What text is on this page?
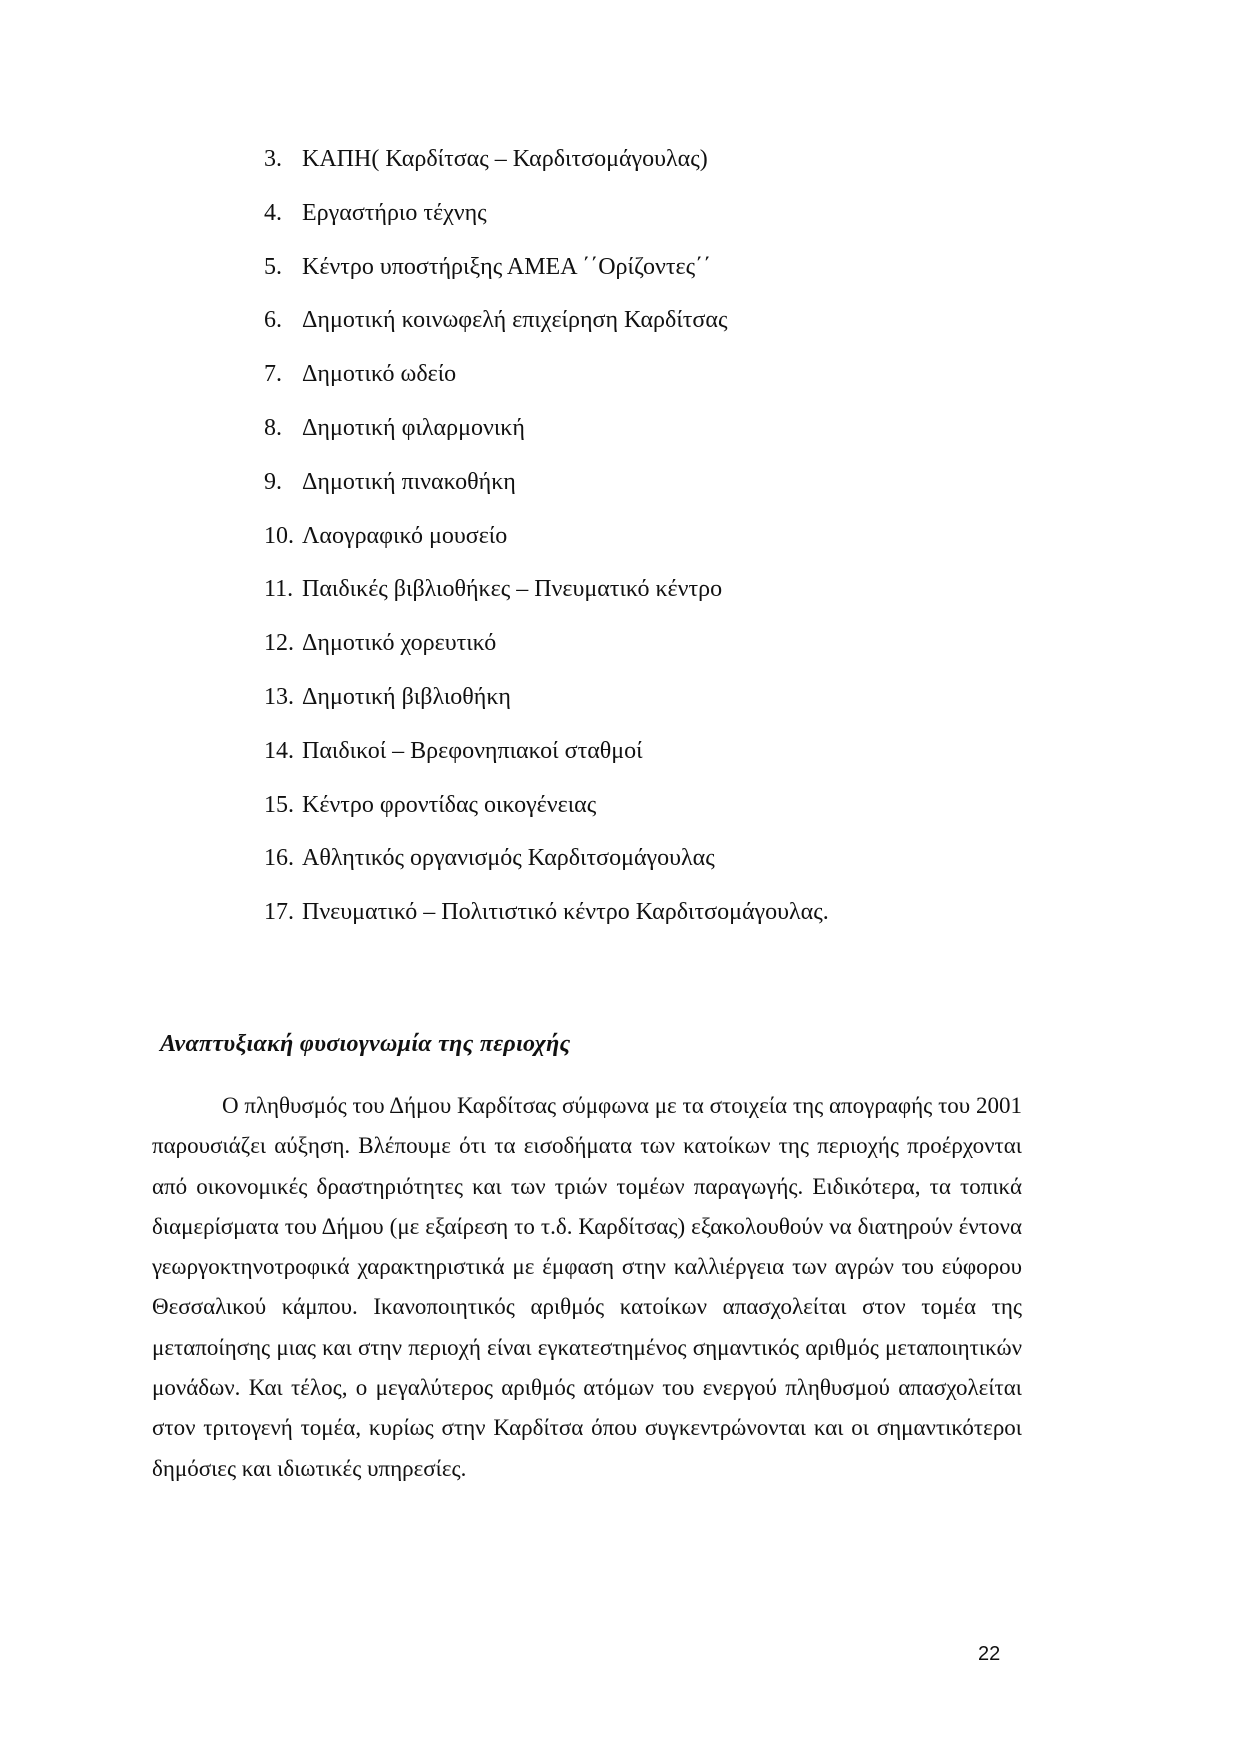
3. ΚΑΠΗ( Καρδίτσας – Καρδιτσομάγουλας)
4. Εργαστήριο τέχνης
5. Κέντρο υποστήριξης ΑΜΕΑ ΄΄Ορίζοντες΄΄
6. Δημοτική κοινωφελή επιχείρηση Καρδίτσας
7. Δημοτικό ωδείο
8. Δημοτική φιλαρμονική
9. Δημοτική πινακοθήκη
10. Λαογραφικό μουσείο
11. Παιδικές βιβλιοθήκες – Πνευματικό κέντρο
12. Δημοτικό χορευτικό
13. Δημοτική βιβλιοθήκη
14. Παιδικοί – Βρεφονηπιακοί σταθμοί
15. Κέντρο φροντίδας οικογένειας
16. Αθλητικός οργανισμός Καρδιτσομάγουλας
17. Πνευματικό – Πολιτιστικό κέντρο Καρδιτσομάγουλας.
Αναπτυξιακή φυσιογνωμία της περιοχής

Ο πληθυσμός του Δήμου Καρδίτσας σύμφωνα με τα στοιχεία της απογραφής του 2001 παρουσιάζει αύξηση. Βλέπουμε ότι τα εισοδήματα των κατοίκων της περιοχής προέρχονται από οικονομικές δραστηριότητες και των τριών τομέων παραγωγής. Ειδικότερα, τα τοπικά διαμερίσματα του Δήμου (με εξαίρεση το τ.δ. Καρδίτσας) εξακολουθούν να διατηρούν έντονα γεωργοκτηνοτροφικά χαρακτηριστικά με έμφαση στην καλλιέργεια των αγρών του εύφορου Θεσσαλικού κάμπου. Ικανοποιητικός αριθμός κατοίκων απασχολείται στον τομέα της μεταποίησης μιας και στην περιοχή είναι εγκατεστημένος σημαντικός αριθμός μεταποιητικών μονάδων. Και τέλος, ο μεγαλύτερος αριθμός ατόμων του ενεργού πληθυσμού απασχολείται στον τριτογενή τομέα, κυρίως στην Καρδίτσα όπου συγκεντρώνονται και οι σημαντικότεροι δημόσιες και ιδιωτικές υπηρεσίες.

22
